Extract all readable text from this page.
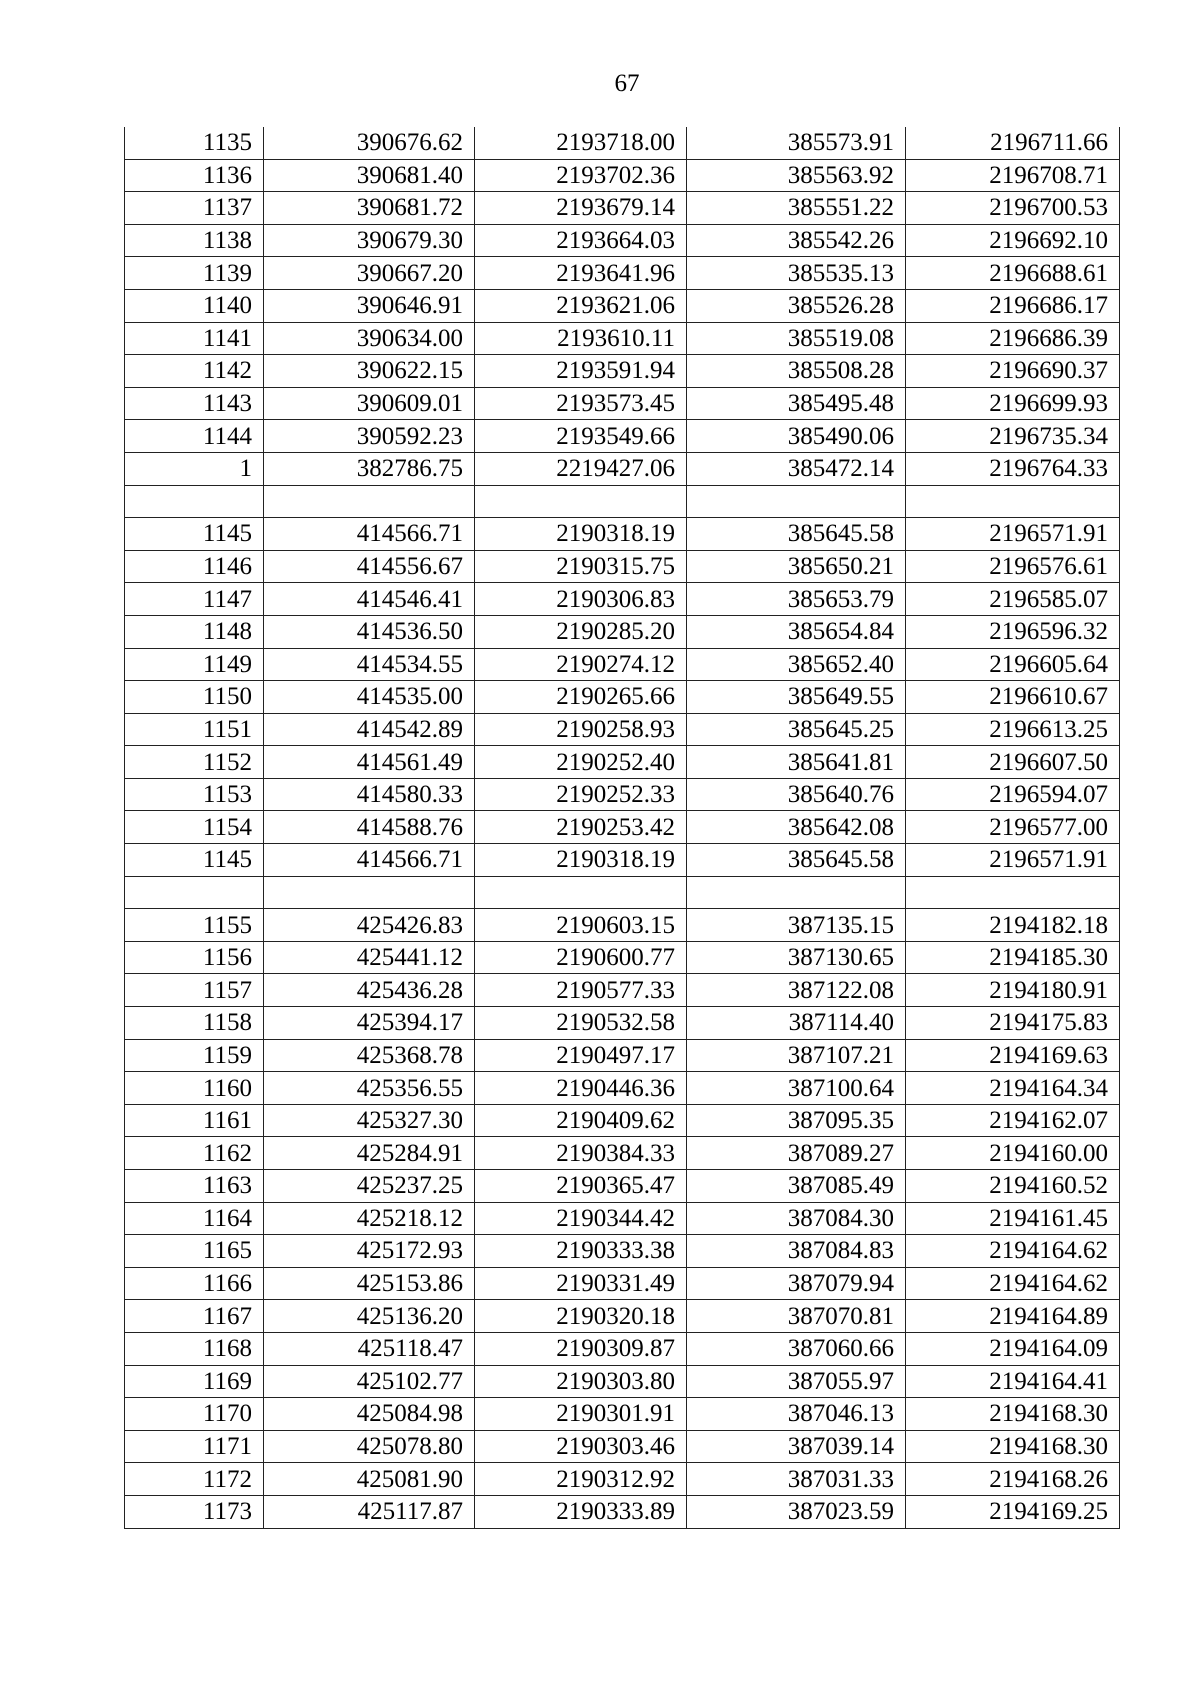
67
1135	390676.62	2193718.00	385573.91	2196711.66
1136	390681.40	2193702.36	385563.92	2196708.71
1137	390681.72	2193679.14	385551.22	2196700.53
1138	390679.30	2193664.03	385542.26	2196692.10
1139	390667.20	2193641.96	385535.13	2196688.61
1140	390646.91	2193621.06	385526.28	2196686.17
1141	390634.00	2193610.11	385519.08	2196686.39
1142	390622.15	2193591.94	385508.28	2196690.37
1143	390609.01	2193573.45	385495.48	2196699.93
1144	390592.23	2193549.66	385490.06	2196735.34
1	382786.75	2219427.06	385472.14	2196764.33

1145	414566.71	2190318.19	385645.58	2196571.91
1146	414556.67	2190315.75	385650.21	2196576.61
1147	414546.41	2190306.83	385653.79	2196585.07
1148	414536.50	2190285.20	385654.84	2196596.32
1149	414534.55	2190274.12	385652.40	2196605.64
1150	414535.00	2190265.66	385649.55	2196610.67
1151	414542.89	2190258.93	385645.25	2196613.25
1152	414561.49	2190252.40	385641.81	2196607.50
1153	414580.33	2190252.33	385640.76	2196594.07
1154	414588.76	2190253.42	385642.08	2196577.00
1145	414566.71	2190318.19	385645.58	2196571.91

1155	425426.83	2190603.15	387135.15	2194182.18
1156	425441.12	2190600.77	387130.65	2194185.30
1157	425436.28	2190577.33	387122.08	2194180.91
1158	425394.17	2190532.58	387114.40	2194175.83
1159	425368.78	2190497.17	387107.21	2194169.63
1160	425356.55	2190446.36	387100.64	2194164.34
1161	425327.30	2190409.62	387095.35	2194162.07
1162	425284.91	2190384.33	387089.27	2194160.00
1163	425237.25	2190365.47	387085.49	2194160.52
1164	425218.12	2190344.42	387084.30	2194161.45
1165	425172.93	2190333.38	387084.83	2194164.62
1166	425153.86	2190331.49	387079.94	2194164.62
1167	425136.20	2190320.18	387070.81	2194164.89
1168	425118.47	2190309.87	387060.66	2194164.09
1169	425102.77	2190303.80	387055.97	2194164.41
1170	425084.98	2190301.91	387046.13	2194168.30
1171	425078.80	2190303.46	387039.14	2194168.30
1172	425081.90	2190312.92	387031.33	2194168.26
1173	425117.87	2190333.89	387023.59	2194169.25
